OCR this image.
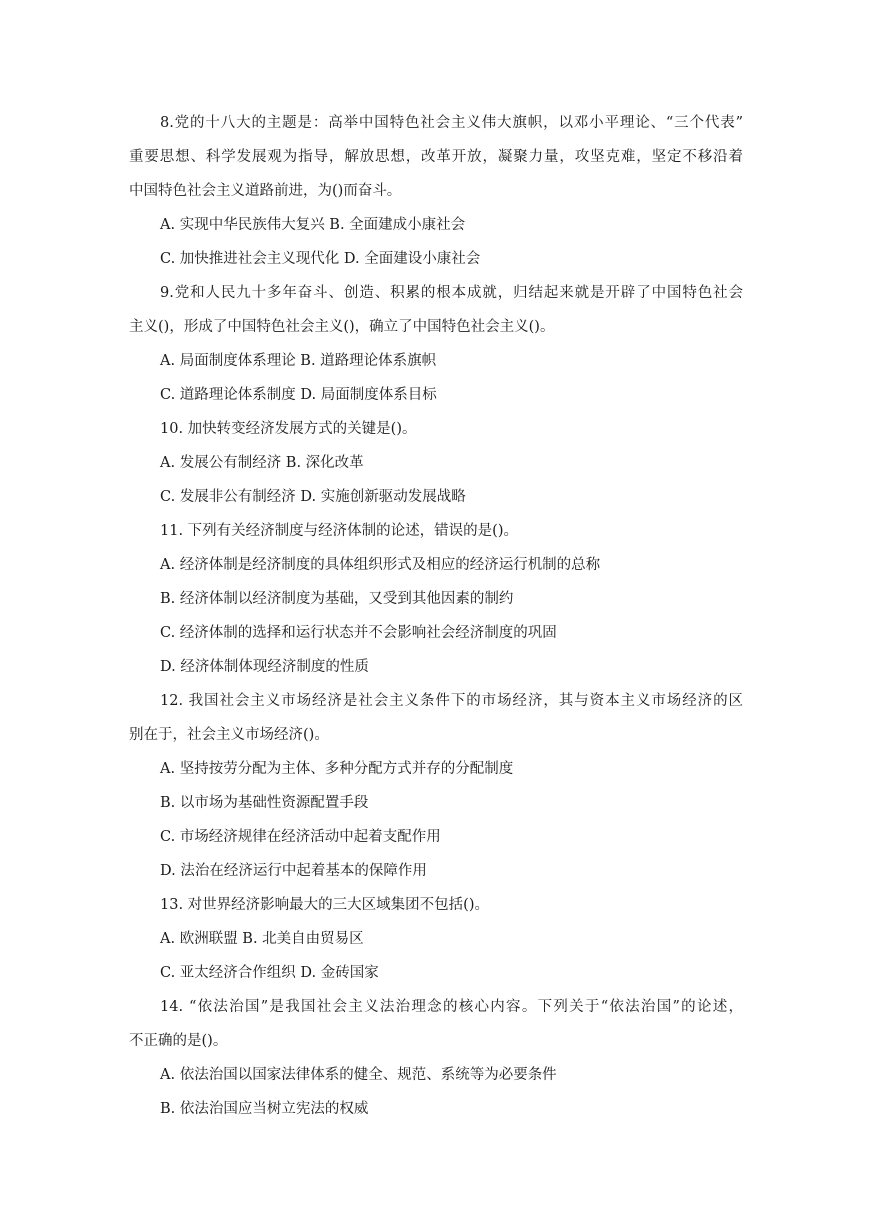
8.党的十八大的主题是：高举中国特色社会主义伟大旗帜，以邓小平理论、“三个代表”
重要思想、科学发展观为指导，解放思想，改革开放，凝聚力量，攻坚克难，坚定不移沿着
中国特色社会主义道路前进，为()而奋斗。
A. 实现中华民族伟大复兴 B. 全面建成小康社会
C. 加快推进社会主义现代化 D. 全面建设小康社会
9.党和人民九十多年奋斗、创造、积累的根本成就，归结起来就是开辟了中国特色社会
主义()，形成了中国特色社会主义()，确立了中国特色社会主义()。
A. 局面制度体系理论 B. 道路理论体系旗帜
C. 道路理论体系制度 D. 局面制度体系目标
10. 加快转变经济发展方式的关键是()。
A. 发展公有制经济 B. 深化改革
C. 发展非公有制经济 D. 实施创新驱动发展战略
11. 下列有关经济制度与经济体制的论述，错误的是()。
A. 经济体制是经济制度的具体组织形式及相应的经济运行机制的总称
B. 经济体制以经济制度为基础，又受到其他因素的制约
C. 经济体制的选择和运行状态并不会影响社会经济制度的巩固
D. 经济体制体现经济制度的性质
12. 我国社会主义市场经济是社会主义条件下的市场经济，其与资本主义市场经济的区
别在于，社会主义市场经济()。
A. 坚持按劳分配为主体、多种分配方式并存的分配制度
B. 以市场为基础性资源配置手段
C. 市场经济规律在经济活动中起着支配作用
D. 法治在经济运行中起着基本的保障作用
13. 对世界经济影响最大的三大区域集团不包括()。
A. 欧洲联盟 B. 北美自由贸易区
C. 亚太经济合作组织 D. 金砖国家
14. “依法治国”是我国社会主义法治理念的核心内容。下列关于“依法治国”的论述，
不正确的是()。
A. 依法治国以国家法律体系的健全、规范、系统等为必要条件
B. 依法治国应当树立宪法的权威
